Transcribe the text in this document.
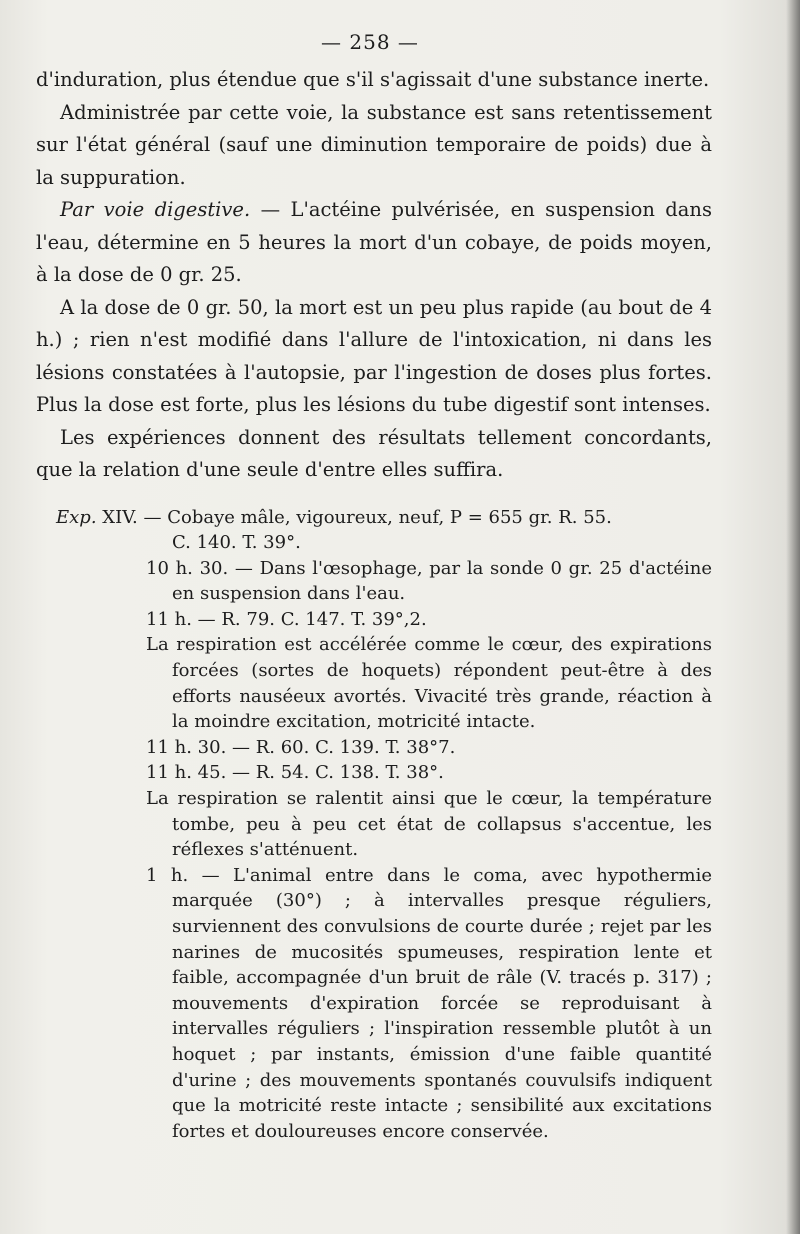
— 258 —

d'induration, plus étendue que s'il s'agissait d'une substance inerte.

Administrée par cette voie, la substance est sans retentissement sur l'état général (sauf une diminution temporaire de poids) due à la suppuration.

Par voie digestive. — L'actéine pulvérisée, en suspension dans l'eau, détermine en 5 heures la mort d'un cobaye, de poids moyen, à la dose de 0 gr. 25.

A la dose de 0 gr. 50, la mort est un peu plus rapide (au bout de 4 h.) ; rien n'est modifié dans l'allure de l'intoxication, ni dans les lésions constatées à l'autopsie, par l'ingestion de doses plus fortes. Plus la dose est forte, plus les lésions du tube digestif sont intenses.

Les expériences donnent des résultats tellement concordants, que la relation d'une seule d'entre elles suffira.

Exp. XIV. — Cobaye mâle, vigoureux, neuf, P = 655 gr. R. 55.

C. 140. T. 39°.

10 h. 30. — Dans l'œsophage, par la sonde 0 gr. 25 d'actéine en suspension dans l'eau.

11 h. — R. 79. C. 147. T. 39°,2.

La respiration est accélérée comme le cœur, des expirations forcées (sortes de hoquets) répondent peut-être à des efforts nauséeux avortés. Vivacité très grande, réaction à la moindre excitation, motricité intacte.

11 h. 30. — R. 60. C. 139. T. 38°7.

11 h. 45. — R. 54. C. 138. T. 38°.

La respiration se ralentit ainsi que le cœur, la température tombe, peu à peu cet état de collapsus s'accentue, les réflexes s'atténuent.

1 h. — L'animal entre dans le coma, avec hypothermie marquée (30°) ; à intervalles presque réguliers, surviennent des convulsions de courte durée ; rejet par les narines de mucosités spumeuses, respiration lente et faible, accompagnée d'un bruit de râle (V. tracés p. 317) ; mouvements d'expiration forcée se reproduisant à intervalles réguliers ; l'inspiration ressemble plutôt à un hoquet ; par instants, émission d'une faible quantité d'urine ; des mouvements spontanés couvulsifs indiquent que la motricité reste intacte ; sensibilité aux excitations fortes et douloureuses encore conservée.
